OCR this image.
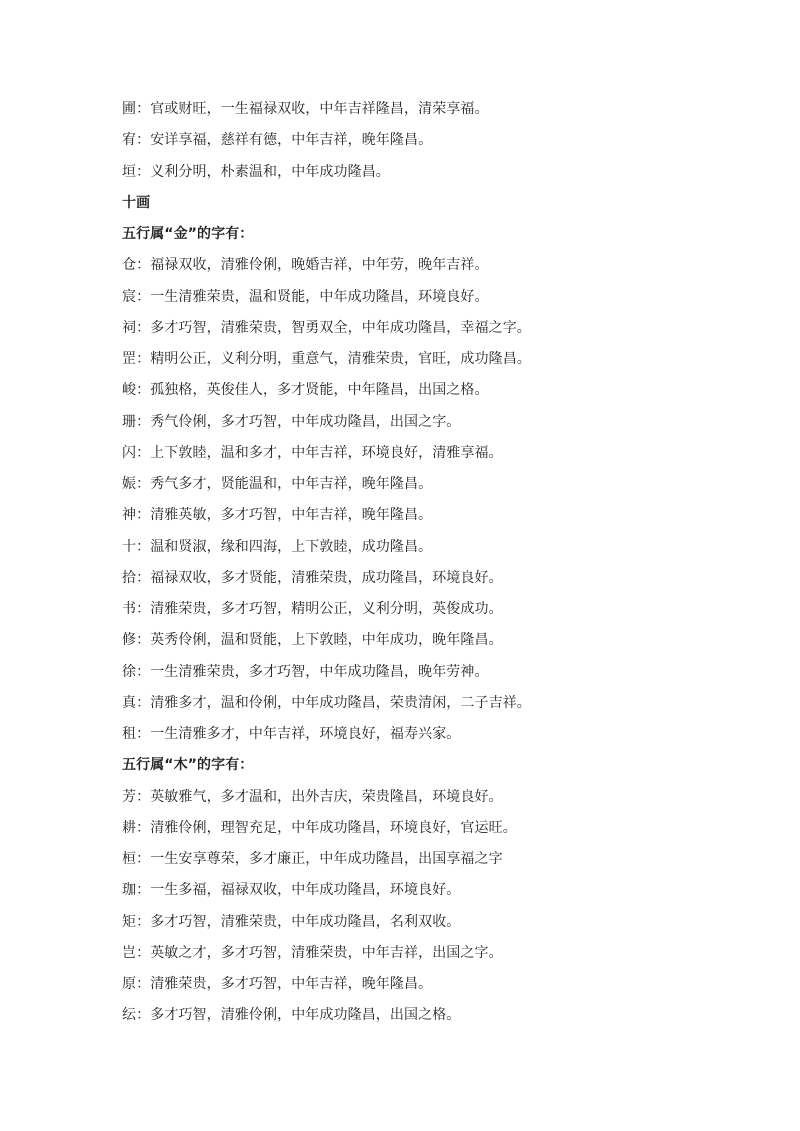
圃：官或财旺，一生福禄双收，中年吉祥隆昌，清荣享福。
宥：安详享福，慈祥有德，中年吉祥，晚年隆昌。
垣：义利分明，朴素温和，中年成功隆昌。
十画
五行属“金”的字有：
仓：福禄双收，清雅伶俐，晚婚吉祥，中年劳，晚年吉祥。
宸：一生清雅荣贵，温和贤能，中年成功隆昌，环境良好。
祠：多才巧智，清雅荣贵，智勇双全，中年成功隆昌，幸福之字。
罡：精明公正，义利分明，重意气，清雅荣贵，官旺，成功隆昌。
峻：孤独格，英俊佳人，多才贤能，中年隆昌，出国之格。
珊：秀气伶俐，多才巧智，中年成功隆昌，出国之字。
闪：上下敦睦，温和多才，中年吉祥，环境良好，清雅享福。
娠：秀气多才，贤能温和，中年吉祥，晚年隆昌。
神：清雅英敏，多才巧智，中年吉祥，晚年隆昌。
十：温和贤淑，缘和四海，上下敦睦，成功隆昌。
拾：福禄双收，多才贤能，清雅荣贵，成功隆昌，环境良好。
书：清雅荣贵，多才巧智，精明公正，义利分明，英俊成功。
修：英秀伶俐，温和贤能，上下敦睦，中年成功，晚年隆昌。
徐：一生清雅荣贵，多才巧智，中年成功隆昌，晚年劳神。
真：清雅多才，温和伶俐，中年成功隆昌，荣贵清闲，二子吉祥。
租：一生清雅多才，中年吉祥，环境良好，福寿兴家。
五行属“木”的字有：
芳：英敏雅气，多才温和，出外吉庆，荣贵隆昌，环境良好。
耕：清雅伶俐，理智充足，中年成功隆昌，环境良好，官运旺。
桓：一生安享尊荣，多才廉正，中年成功隆昌，出国享福之字
珈：一生多福，福禄双收，中年成功隆昌，环境良好。
矩：多才巧智，清雅荣贵，中年成功隆昌，名利双收。
岂：英敏之才，多才巧智，清雅荣贵，中年吉祥，出国之字。
原：清雅荣贵，多才巧智，中年吉祥，晚年隆昌。
纭：多才巧智，清雅伶俐，中年成功隆昌，出国之格。
